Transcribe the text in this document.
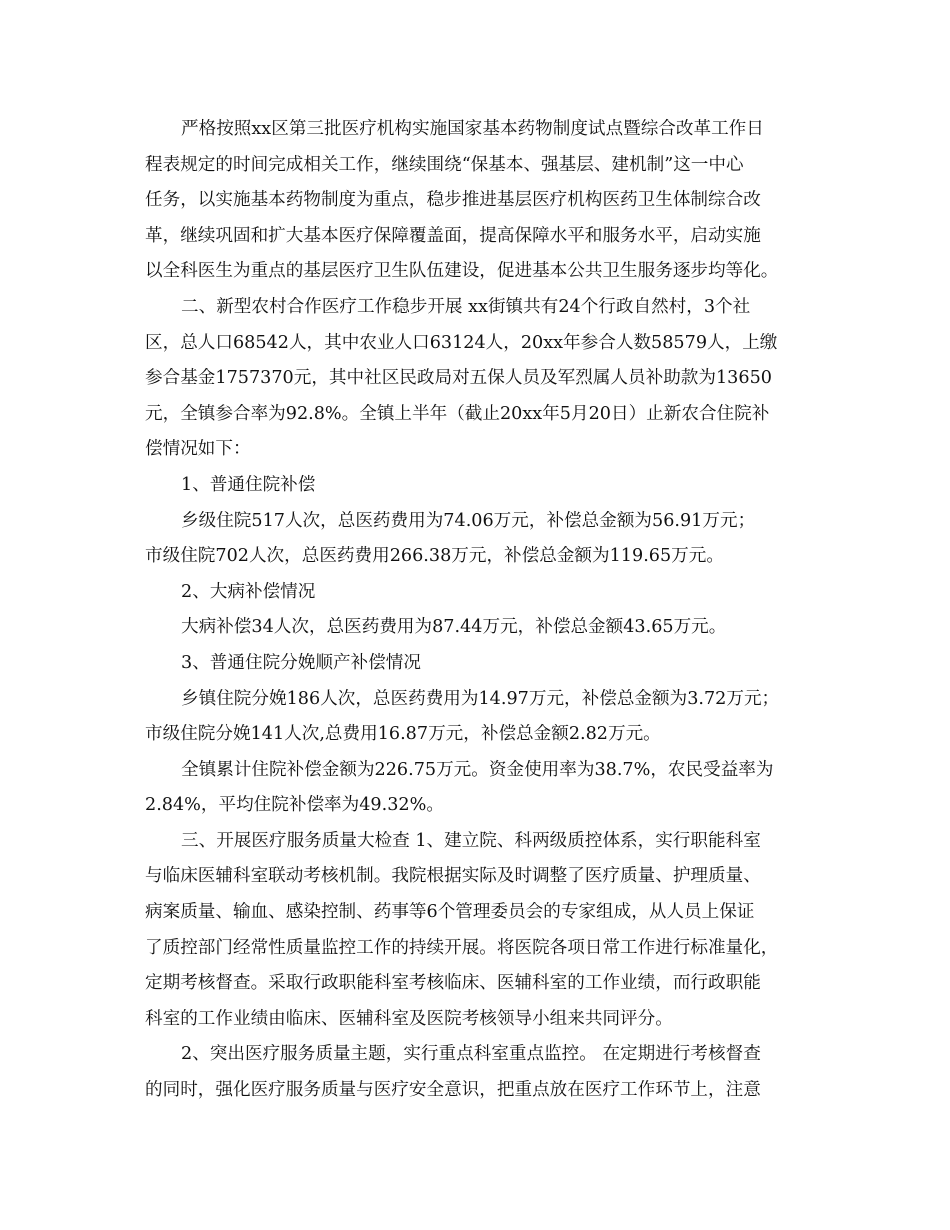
严格按照xx区第三批医疗机构实施国家基本药物制度试点暨综合改革工作日
程表规定的时间完成相关工作，继续围绕“保基本、强基层、建机制”这一中心
任务，以实施基本药物制度为重点，稳步推进基层医疗机构医药卫生体制综合改
革，继续巩固和扩大基本医疗保障覆盖面，提高保障水平和服务水平，启动实施
以全科医生为重点的基层医疗卫生队伍建设，促进基本公共卫生服务逐步均等化。
二、新型农村合作医疗工作稳步开展 xx街镇共有24个行政自然村，3个社
区，总人口68542人，其中农业人口63124人，20xx年参合人数58579人，上缴
参合基金1757370元，其中社区民政局对五保人员及军烈属人员补助款为13650
元，全镇参合率为92.8%。全镇上半年（截止20xx年5月20日）止新农合住院补
偿情况如下：
1、普通住院补偿
乡级住院517人次，总医药费用为74.06万元，补偿总金额为56.91万元；
市级住院702人次，总医药费用266.38万元，补偿总金额为119.65万元。
2、大病补偿情况
大病补偿34人次，总医药费用为87.44万元，补偿总金额43.65万元。
3、普通住院分娩顺产补偿情况
乡镇住院分娩186人次，总医药费用为14.97万元，补偿总金额为3.72万元；
市级住院分娩141人次,总费用16.87万元，补偿总金额2.82万元。
全镇累计住院补偿金额为226.75万元。资金使用率为38.7%，农民受益率为
2.84%，平均住院补偿率为49.32%。
三、开展医疗服务质量大检查 1、建立院、科两级质控体系，实行职能科室
与临床医辅科室联动考核机制。我院根据实际及时调整了医疗质量、护理质量、
病案质量、输血、感染控制、药事等6个管理委员会的专家组成，从人员上保证
了质控部门经常性质量监控工作的持续开展。将医院各项日常工作进行标准量化，
定期考核督查。采取行政职能科室考核临床、医辅科室的工作业绩，而行政职能
科室的工作业绩由临床、医辅科室及医院考核领导小组来共同评分。
2、突出医疗服务质量主题，实行重点科室重点监控。 在定期进行考核督查
的同时，强化医疗服务质量与医疗安全意识，把重点放在医疗工作环节上，注意
